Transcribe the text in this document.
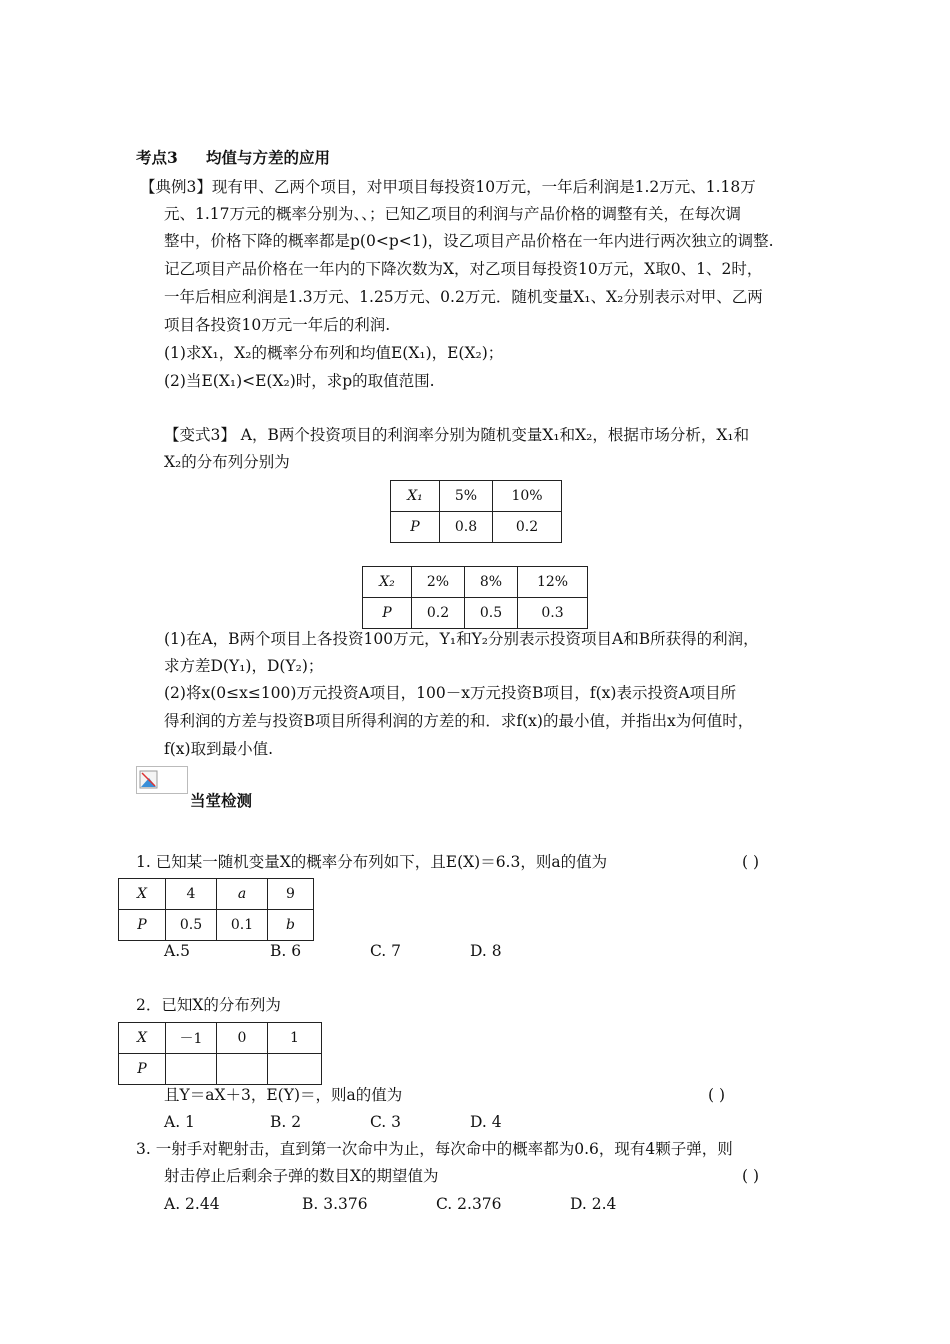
考点3 均值与方差的应用
【典例3】现有甲、乙两个项目，对甲项目每投资10万元，一年后利润是1.2万元、1.18万
元、1.17万元的概率分别为、、；已知乙项目的利润与产品价格的调整有关，在每次调
整中，价格下降的概率都是p(0<p<1)，设乙项目产品价格在一年内进行两次独立的调整.
记乙项目产品价格在一年内的下降次数为X，对乙项目每投资10万元，X取0、1、2时，
一年后相应利润是1.3万元、1.25万元、0.2万元．随机变量X₁、X₂分别表示对甲、乙两
项目各投资10万元一年后的利润.
(1)求X₁，X₂的概率分布列和均值E(X₁)，E(X₂)；
(2)当E(X₁)<E(X₂)时，求p的取值范围.
【变式3】 A，B两个投资项目的利润率分别为随机变量X₁和X₂，根据市场分析，X₁和
X₂的分布列分别为
X₁	5%	10%
P	0.8	0.2
X₂	2%	8%	12%
P	0.2	0.5	0.3
(1)在A，B两个项目上各投资100万元，Y₁和Y₂分别表示投资项目A和B所获得的利润，
求方差D(Y₁)，D(Y₂)；
(2)将x(0≤x≤100)万元投资A项目，100－x万元投资B项目，f(x)表示投资A项目所
得利润的方差与投资B项目所得利润的方差的和．求f(x)的最小值，并指出x为何值时，
f(x)取到最小值.
当堂检测
1. 已知某一随机变量X的概率分布列如下，且E(X)＝6.3，则a的值为	( )
X	4	a	9
P	0.5	0.1	b
A.5	B. 6	C. 7	D. 8
2．已知X的分布列为
X	－1	0	1
P			
且Y＝aX＋3，E(Y)＝，则a的值为	( )
A. 1	B. 2	C. 3	D. 4
3. 一射手对靶射击，直到第一次命中为止，每次命中的概率都为0.6，现有4颗子弹，则
射击停止后剩余子弹的数目X的期望值为	( )
A. 2.44	B. 3.376	C. 2.376	D. 2.4
